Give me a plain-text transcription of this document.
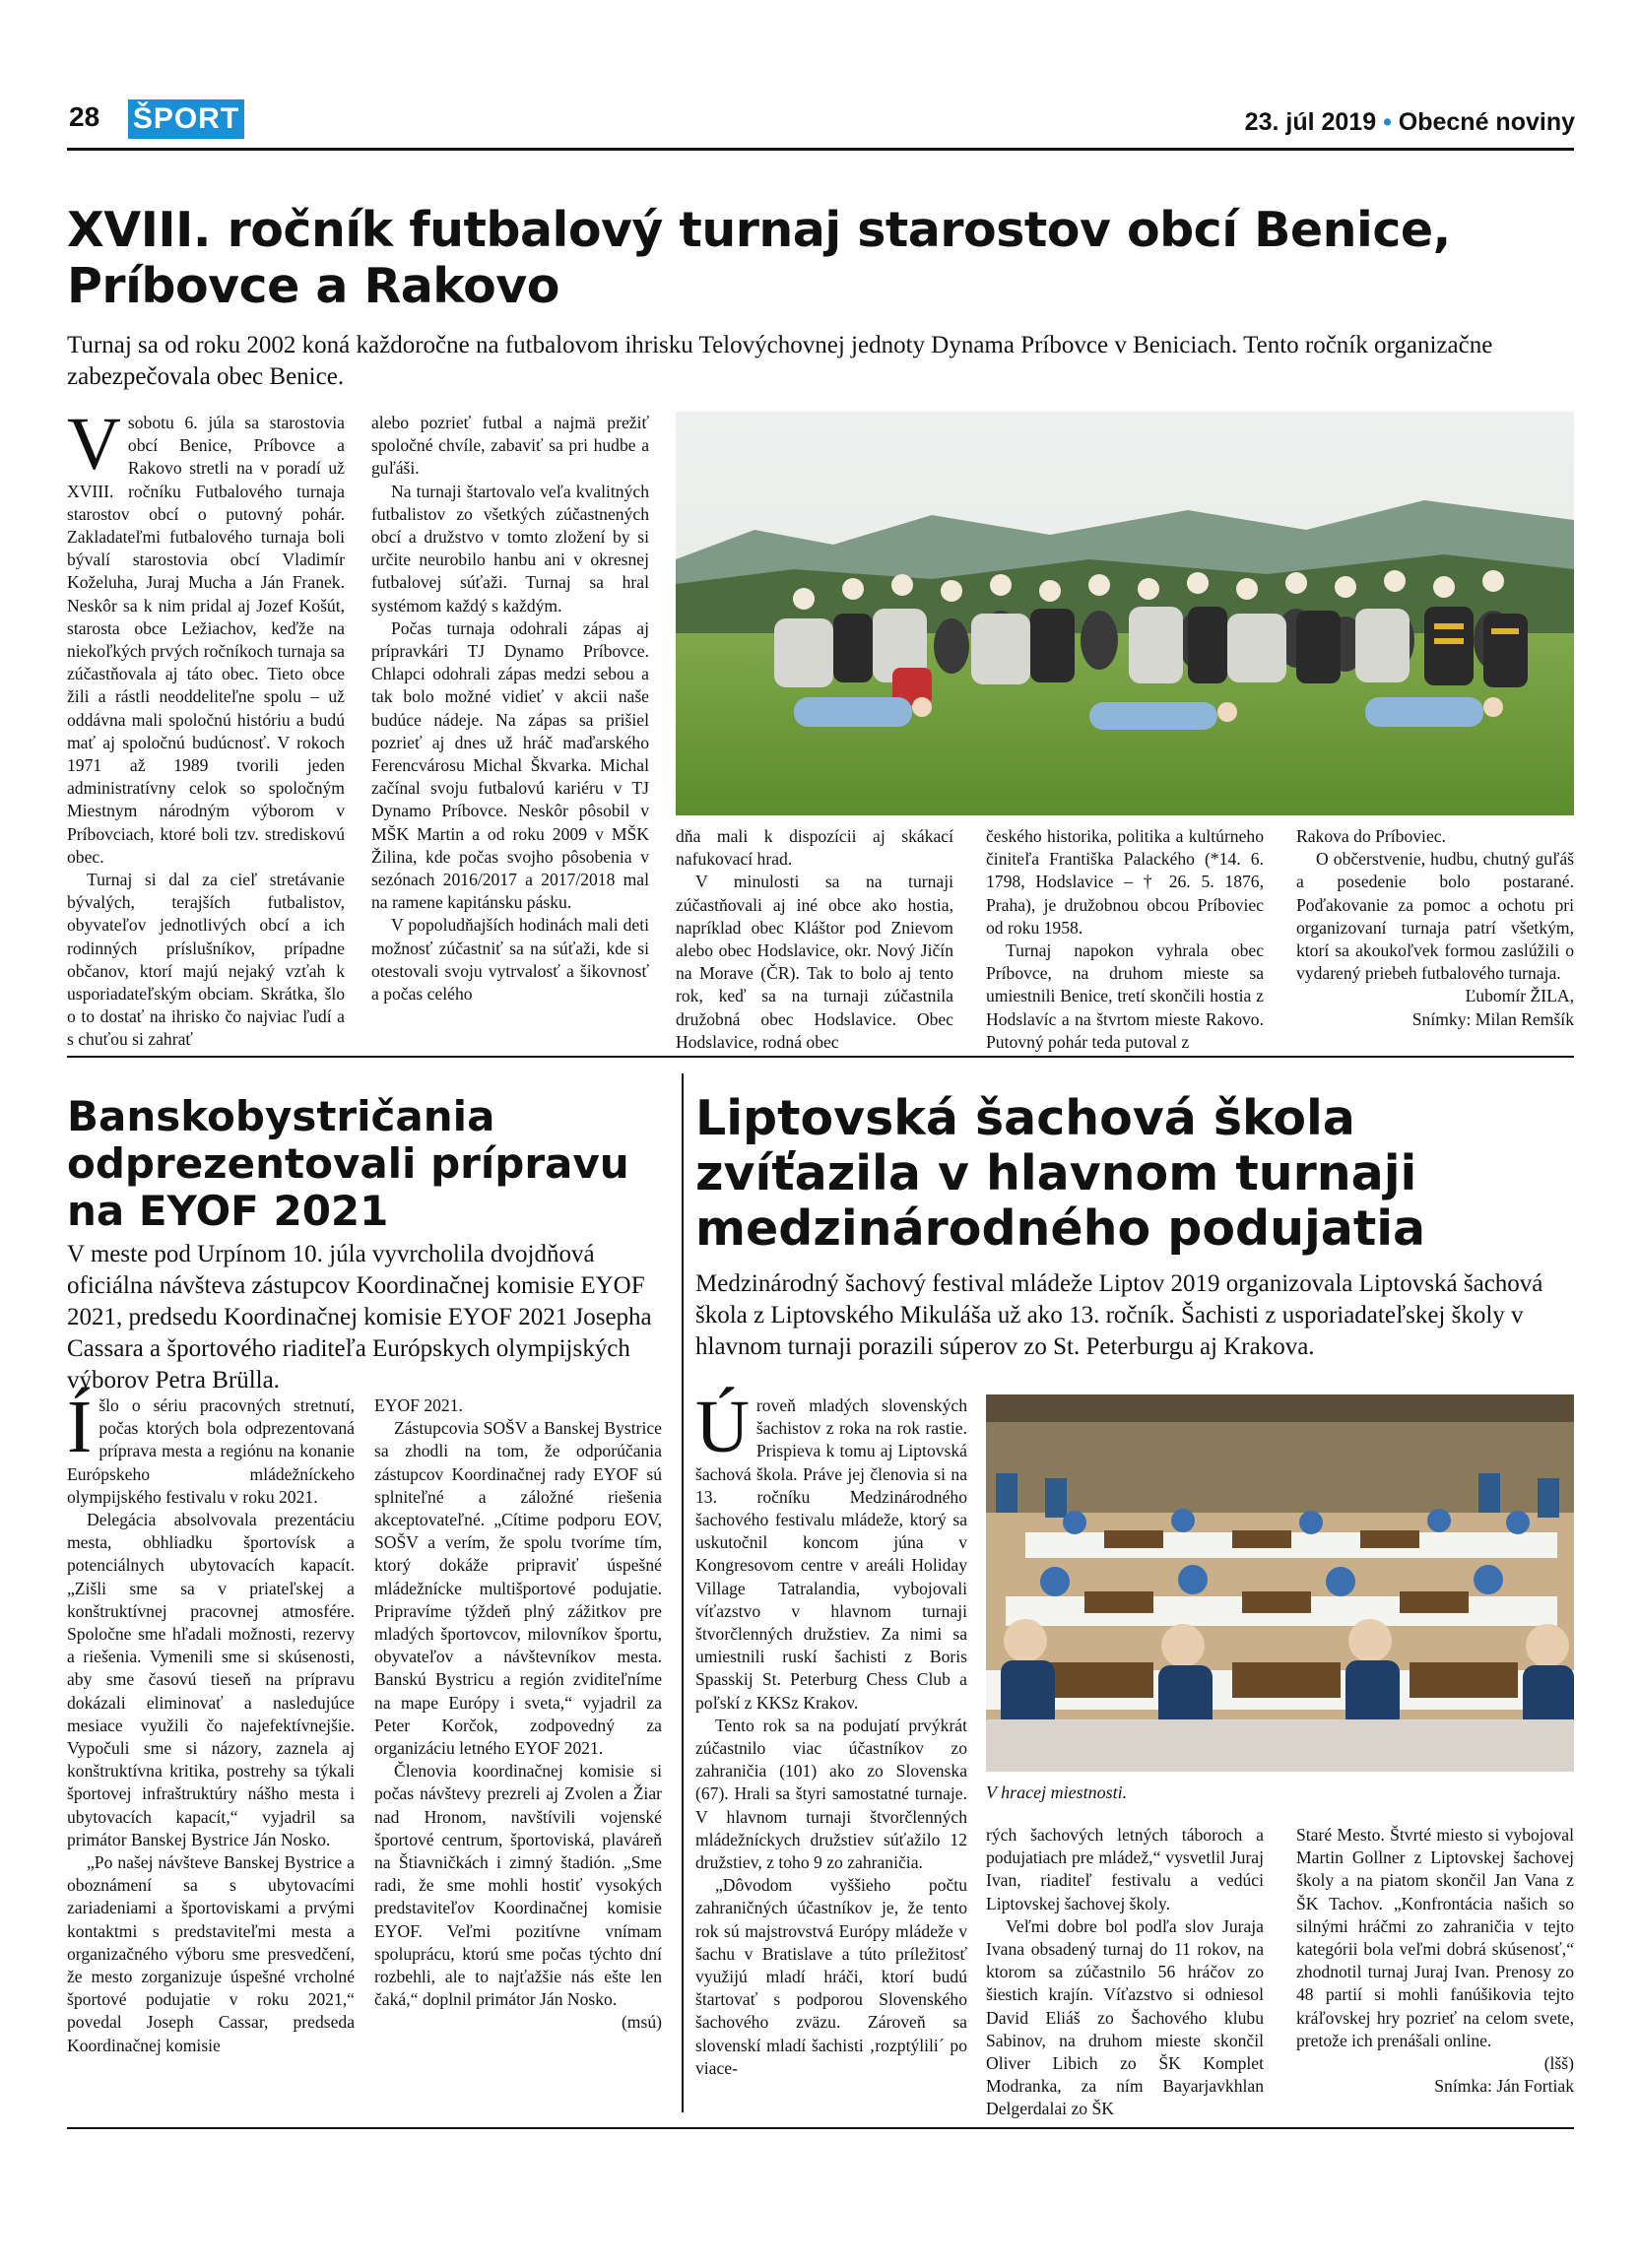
28 ŠPORT	23. júl 2019 • Obecné noviny
XVIII. ročník futbalový turnaj starostov obcí Benice,
Príbovce a Rakovo
Turnaj sa od roku 2002 koná každoročne na futbalovom ihrisku Telovýchovnej jednoty Dynama Príbovce v Beniciach. Tento ročník organizačne zabezpečovala obec Benice.

Vsobotu 6. júla sa starostovia obcí Benice, Príbovce a Rakovo stretli na v poradí už XVIII. ročníku Futbalového turnaja starostov obcí o putovný pohár. Zakladateľmi futbalového turnaja boli bývalí starostovia obcí Vladimír Koželuha, Juraj Mucha a Ján Franek. Neskôr sa k nim pridal aj Jozef Košút, starosta obce Ležiachov, keďže na niekoľkých prvých ročníkoch turnaja sa zúčastňovala aj táto obec. Tieto obce žili a rástli neoddeliteľne spolu – už oddávna mali spoločnú históriu a budú mať aj spoločnú budúcnosť. V rokoch 1971 až 1989 tvorili jeden administratívny celok so spoločným Miestnym národným výborom v Príbovciach, ktoré boli tzv. strediskovú obec.

Turnaj si dal za cieľ stretávanie bývalých, terajších futbalistov, obyvateľov jednotlivých obcí a ich rodinných príslušníkov, prípadne občanov, ktorí majú nejaký vzťah k usporiadateľským obciam. Skrátka, šlo o to dostať na ihrisko čo najviac ľudí a s chuťou si zahrať

alebo pozrieť futbal a najmä prežiť spoločné chvíle, zabaviť sa pri hudbe a guľáši.

Na turnaji štartovalo veľa kvalitných futbalistov zo všetkých zúčastnených obcí a družstvo v tomto zložení by si určite neurobilo hanbu ani v okresnej futbalovej súťaži. Turnaj sa hral systémom každý s každým.

Počas turnaja odohrali zápas aj prípravkári TJ Dynamo Príbovce. Chlapci odohrali zápas medzi sebou a tak bolo možné vidieť v akcii naše budúce nádeje. Na zápas sa prišiel pozrieť aj dnes už hráč maďarského Ferencvárosu Michal Škvarka. Michal začínal svoju futbalovú kariéru v TJ Dynamo Príbovce. Neskôr pôsobil v MŠK Martin a od roku 2009 v MŠK Žilina, kde počas svojho pôsobenia v sezónach 2016/2017 a 2017/2018 mal na ramene kapitánsku pásku.

V popoludňajších hodinách mali deti možnosť zúčastniť sa na súťaži, kde si otestovali svoju vytrvalosť a šikovnosť a počas celého

dňa mali k dispozícii aj skákací nafukovací hrad.

V minulosti sa na turnaji zúčastňovali aj iné obce ako hostia, napríklad obec Kláštor pod Znievom alebo obec Hodslavice, okr. Nový Jičín na Morave (ČR). Tak to bolo aj tento rok, keď sa na turnaji zúčastnila družobná obec Hodslavice. Obec Hodslavice, rodná obec

českého historika, politika a kultúrneho činiteľa Františka Palackého (*14. 6. 1798, Hodslavice – † 26. 5. 1876, Praha), je družobnou obcou Príboviec od roku 1958.

Turnaj napokon vyhrala obec Príbovce, na druhom mieste sa umiestnili Benice, tretí skončili hostia z Hodslavíc a na štvrtom mieste Rakovo. Putovný pohár teda putoval z

Rakova do Príboviec.

O občerstvenie, hudbu, chutný guľáš a posedenie bolo postarané. Poďakovanie za pomoc a ochotu pri organizovaní turnaja patrí všetkým, ktorí sa akoukoľvek formou zaslúžili o vydarený priebeh futbalového turnaja.

Ľubomír ŽILA,

Snímky: Milan Remšík

Banskobystričania
odprezentovali prípravu
na EYOF 2021
V meste pod Urpínom 10. júla vyvrcholila dvojdňová oficiálna návšteva zástupcov Koordinačnej komisie EYOF 2021, predsedu Koordinačnej komisie EYOF 2021 Josepha Cassara a športového riaditeľa Európskych olympijských výborov Petra Brülla.

Íšlo o sériu pracovných stretnutí, počas ktorých bola odprezentovaná príprava mesta a regiónu na konanie Európskeho mládežníckeho olympijského festivalu v roku 2021.

Delegácia absolvovala prezentáciu mesta, obhliadku športovísk a potenciálnych ubytovacích kapacít. „Zišli sme sa v priateľskej a konštruktívnej pracovnej atmosfére. Spoločne sme hľadali možnosti, rezervy a riešenia. Vymenili sme si skúsenosti, aby sme časovú tieseň na prípravu dokázali eliminovať a nasledujúce mesiace využili čo najefektívnejšie. Vypočuli sme si názory, zaznela aj konštruktívna kritika, postrehy sa týkali športovej infraštruktúry nášho mesta i ubytovacích kapacít,“ vyjadril sa primátor Banskej Bystrice Ján Nosko.

„Po našej návšteve Banskej Bystrice a oboznámení sa s ubytovacími zariadeniami a športoviskami a prvými kontaktmi s predstaviteľmi mesta a organizačného výboru sme presvedčení, že mesto zorganizuje úspešné vrcholné športové podujatie v roku 2021,“ povedal Joseph Cassar, predseda Koordinačnej komisie

EYOF 2021.

Zástupcovia SOŠV a Banskej Bystrice sa zhodli na tom, že odporúčania zástupcov Koordinačnej rady EYOF sú splniteľné a záložné riešenia akceptovateľné. „Cítime podporu EOV, SOŠV a verím, že spolu tvoríme tím, ktorý dokáže pripraviť úspešné mládežnícke multišportové podujatie. Pripravíme týždeň plný zážitkov pre mladých športovcov, milovníkov športu, obyvateľov a návštevníkov mesta. Banskú Bystricu a región zviditeľníme na mape Európy i sveta,“ vyjadril za Peter Korčok, zodpovedný za organizáciu letného EYOF 2021.

Členovia koordinačnej komisie si počas návštevy prezreli aj Zvolen a Žiar nad Hronom, navštívili vojenské športové centrum, športoviská, plaváreň na Štiavničkách i zimný štadión. „Sme radi, že sme mohli hostiť vysokých predstaviteľov Koordinačnej komisie EYOF. Veľmi pozitívne vnímam spoluprácu, ktorú sme počas týchto dní rozbehli, ale to najťažšie nás ešte len čaká,“ doplnil primátor Ján Nosko.

(msú)

Liptovská šachová škola
zvíťazila v hlavnom turnaji
medzinárodného podujatia
Medzinárodný šachový festival mládeže Liptov 2019 organizovala Liptovská šachová škola z Liptovského Mikuláša už ako 13. ročník. Šachisti z usporiadateľskej školy v hlavnom turnaji porazili súperov zo St. Peterburgu aj Krakova.

Úroveň mladých slovenských šachistov z roka na rok rastie. Prispieva k tomu aj Liptovská šachová škola. Práve jej členovia si na 13. ročníku Medzinárodného šachového festivalu mládeže, ktorý sa uskutočnil koncom júna v Kongresovom centre v areáli Holiday Village Tatralandia, vybojovali víťazstvo v hlavnom turnaji štvorčlenných družstiev. Za nimi sa umiestnili ruskí šachisti z Boris Spasskij St. Peterburg Chess Club a poľskí z KKSz Krakov.

Tento rok sa na podujatí prvýkrát zúčastnilo viac účastníkov zo zahraničia (101) ako zo Slovenska (67). Hrali sa štyri samostatné turnaje. V hlavnom turnaji štvorčlenných mládežníckych družstiev súťažilo 12 družstiev, z toho 9 zo zahraničia.

„Dôvodom vyššieho počtu zahraničných účastníkov je, že tento rok sú majstrovstvá Európy mládeže v šachu v Bratislave a túto príležitosť využijú mladí hráči, ktorí budú štartovať s podporou Slovenského šachového zväzu. Zároveň sa slovenskí mladí šachisti ‚rozptýlili´ po viace-

V hracej miestnosti.

rých šachových letných táboroch a podujatiach pre mládež,“ vysvetlil Juraj Ivan, riaditeľ festivalu a vedúci Liptovskej šachovej školy.

Veľmi dobre bol podľa slov Juraja Ivana obsadený turnaj do 11 rokov, na ktorom sa zúčastnilo 56 hráčov zo šiestich krajín. Víťazstvo si odniesol David Eliáš zo Šachového klubu Sabinov, na druhom mieste skončil Oliver Libich zo ŠK Komplet Modranka, za ním Bayarjavkhlan Delgerdalai zo ŠK

Staré Mesto. Štvrté miesto si vybojoval Martin Gollner z Liptovskej šachovej školy a na piatom skončil Jan Vana z ŠK Tachov. „Konfrontácia našich so silnými hráčmi zo zahraničia v tejto kategórii bola veľmi dobrá skúsenosť,“ zhodnotil turnaj Juraj Ivan. Prenosy zo 48 partií si mohli fanúšikovia tejto kráľovskej hry pozrieť na celom svete, pretože ich prenášali online.

(lšš)

Snímka: Ján Fortiak
